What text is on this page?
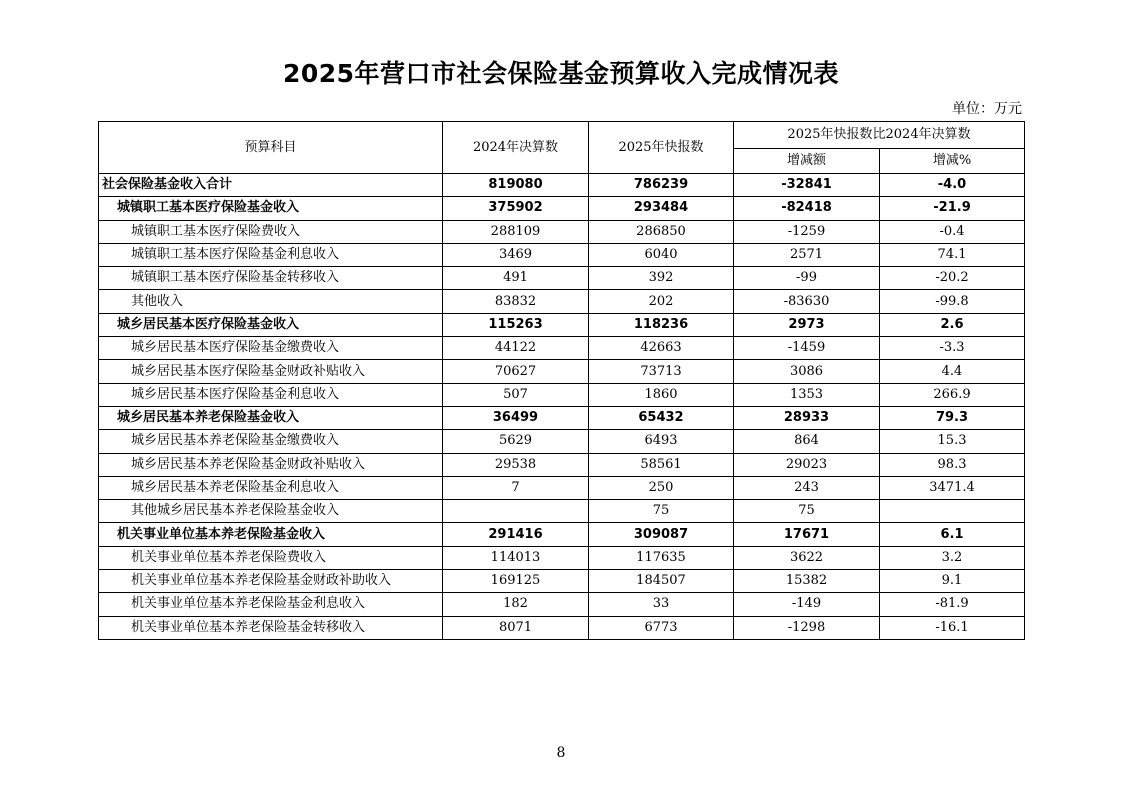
2025年营口市社会保险基金预算收入完成情况表
单位：万元
预算科目	2024年决算数	2025年快报数	2025年快报数比2024年决算数	
			增减额	增减%
社会保险基金收入合计	819080	786239	-32841	-4.0
城镇职工基本医疗保险基金收入	375902	293484	-82418	-21.9
城镇职工基本医疗保险费收入	288109	286850	-1259	-0.4
城镇职工基本医疗保险基金利息收入	3469	6040	2571	74.1
城镇职工基本医疗保险基金转移收入	491	392	-99	-20.2
其他收入	83832	202	-83630	-99.8
城乡居民基本医疗保险基金收入	115263	118236	2973	2.6
城乡居民基本医疗保险基金缴费收入	44122	42663	-1459	-3.3
城乡居民基本医疗保险基金财政补贴收入	70627	73713	3086	4.4
城乡居民基本医疗保险基金利息收入	507	1860	1353	266.9
城乡居民基本养老保险基金收入	36499	65432	28933	79.3
城乡居民基本养老保险基金缴费收入	5629	6493	864	15.3
城乡居民基本养老保险基金财政补贴收入	29538	58561	29023	98.3
城乡居民基本养老保险基金利息收入	7	250	243	3471.4
其他城乡居民基本养老保险基金收入		75	75	
机关事业单位基本养老保险基金收入	291416	309087	17671	6.1
机关事业单位基本养老保险费收入	114013	117635	3622	3.2
机关事业单位基本养老保险基金财政补助收入	169125	184507	15382	9.1
机关事业单位基本养老保险基金利息收入	182	33	-149	-81.9
机关事业单位基本养老保险基金转移收入	8071	6773	-1298	-16.1
8
